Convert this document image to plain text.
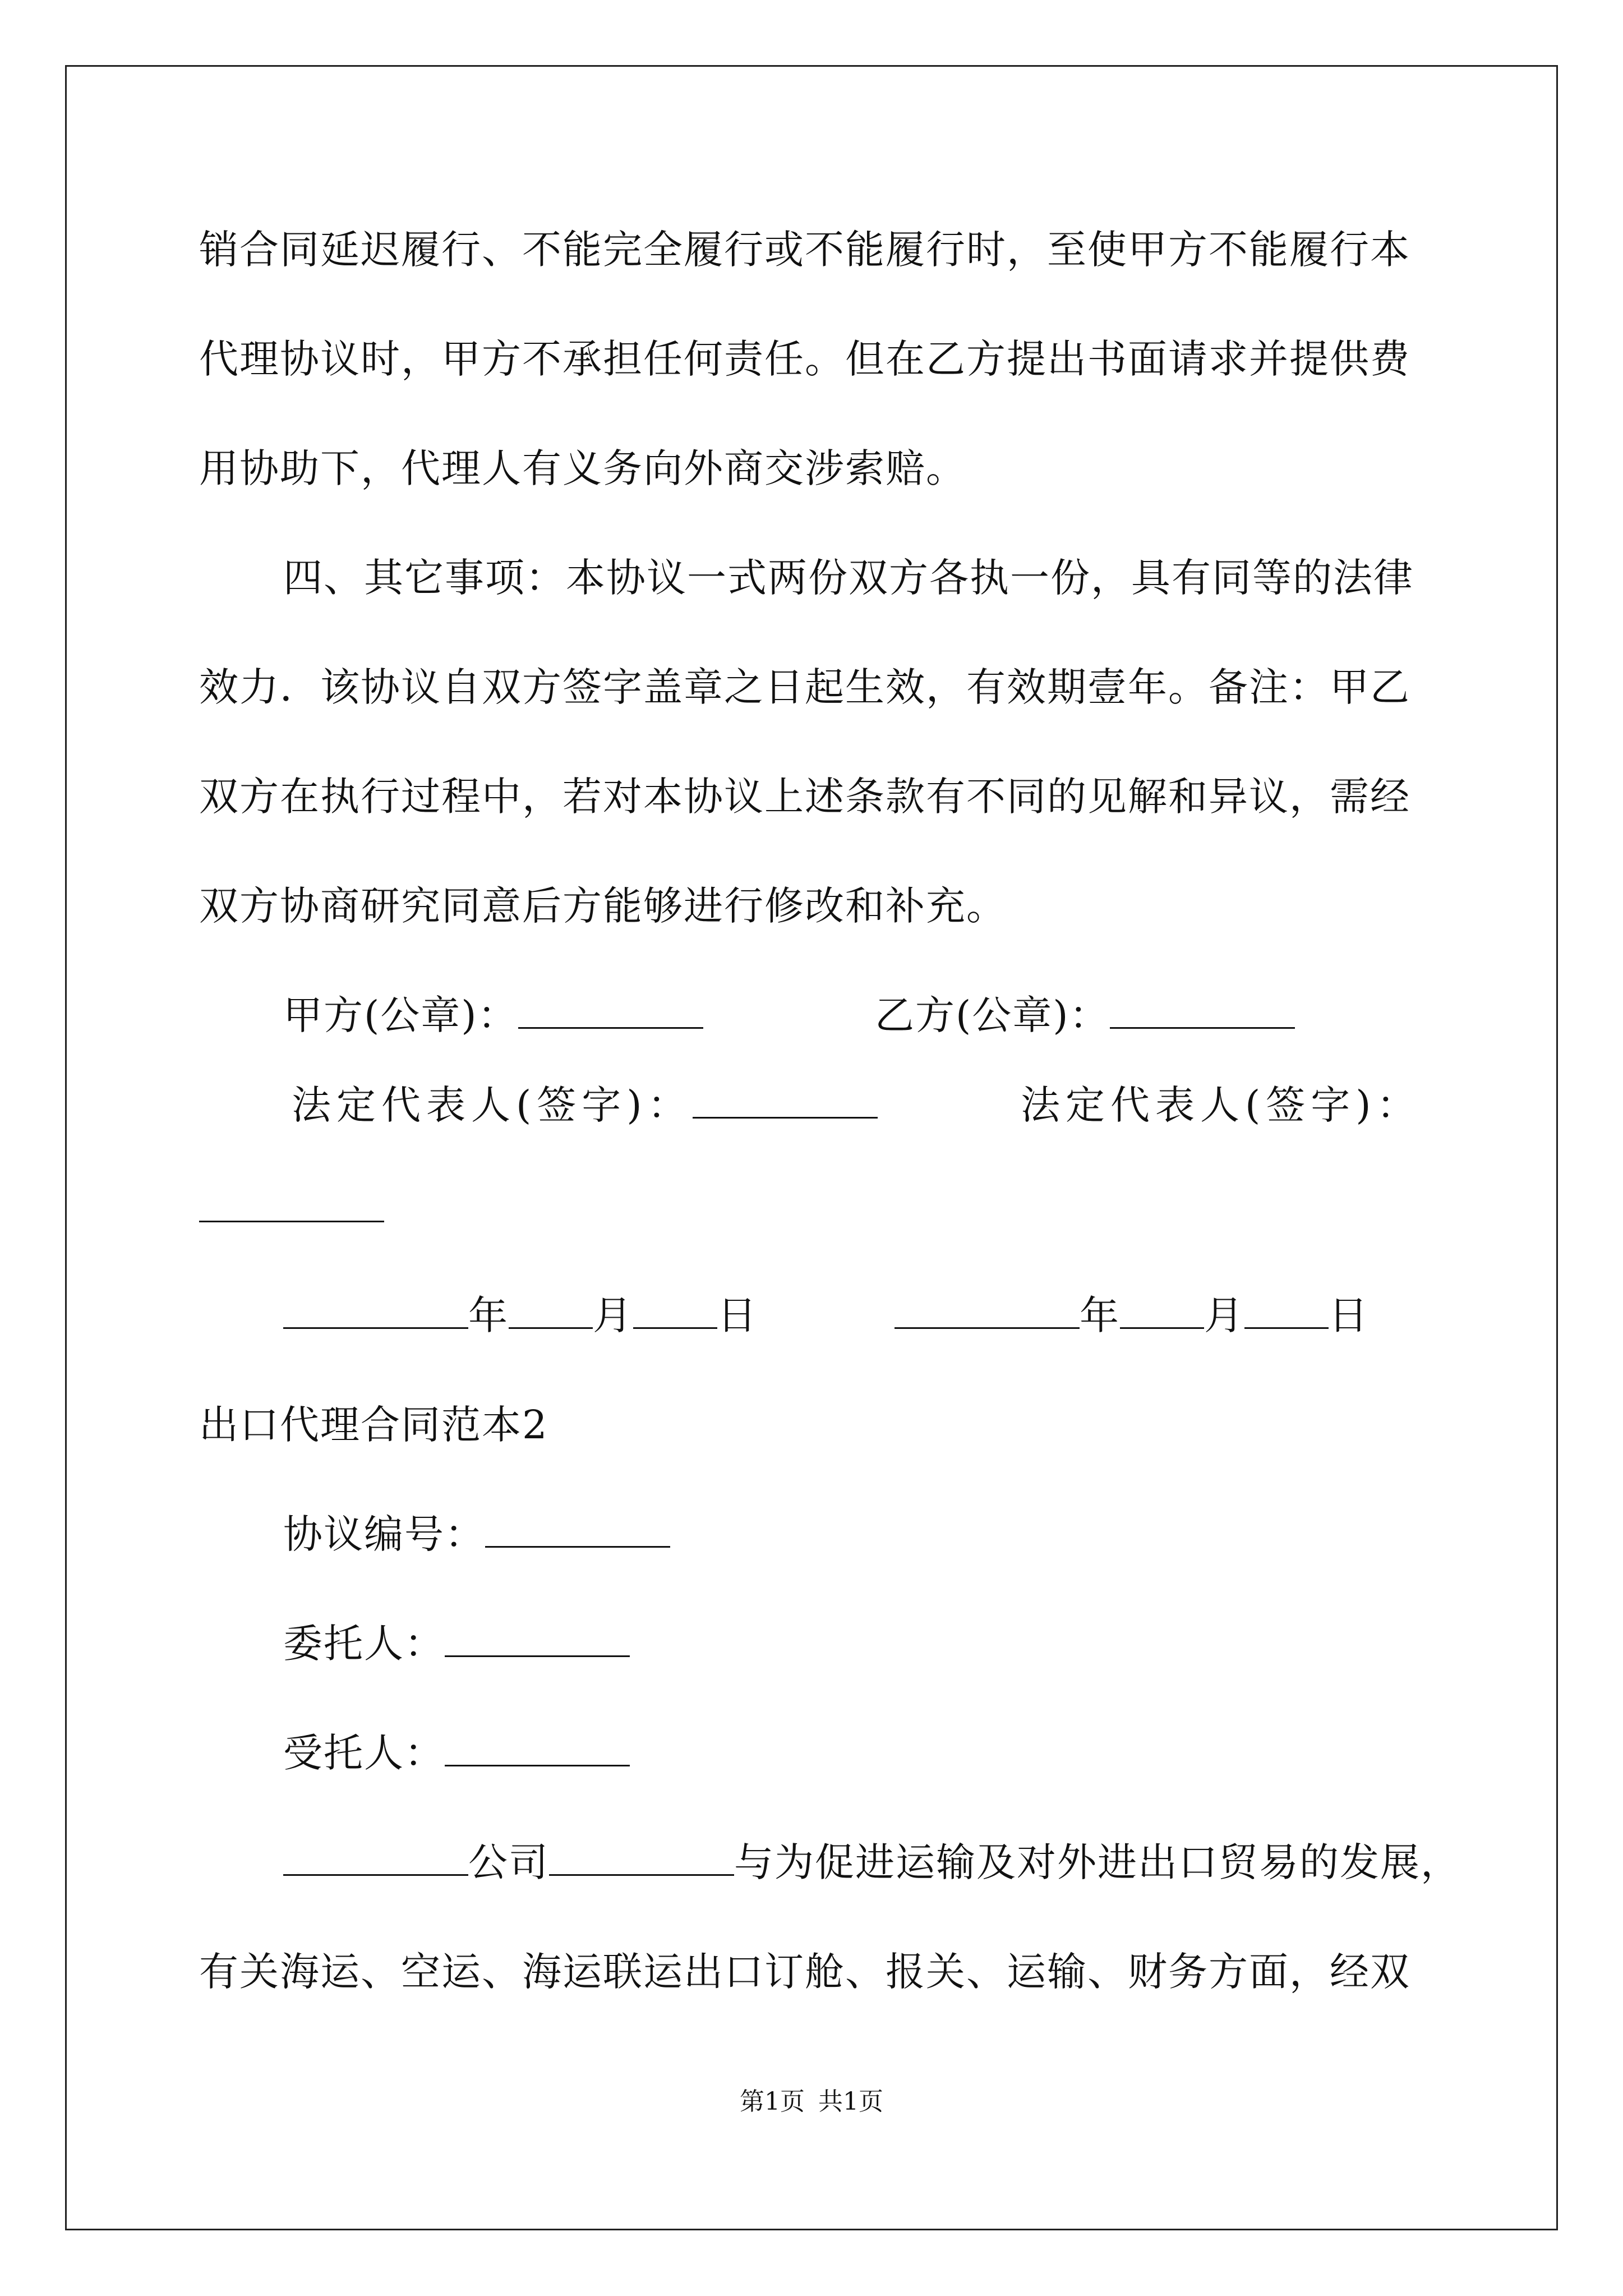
销合同延迟履行、不能完全履行或不能履行时，至使甲方不能履行本
代理协议时，甲方不承担任何责任。但在乙方提出书面请求并提供费
用协助下，代理人有义务向外商交涉索赔。
四、其它事项：本协议一式两份双方各执一份，具有同等的法律
效力．该协议自双方签字盖章之日起生效，有效期壹年。备注：甲乙
双方在执行过程中，若对本协议上述条款有不同的见解和异议，需经
双方协商研究同意后方能够进行修改和补充。
甲方(公章)：	乙方(公章)：
法定代表人(签字)：	法定代表人(签字)：
年 月 日	年 月 日
出口代理合同范本2
协议编号：
委托人：
受托人：
公司	与为促进运输及对外进出口贸易的发展，
有关海运、空运、海运联运出口订舱、报关、运输、财务方面，经双
第1页 共1页
